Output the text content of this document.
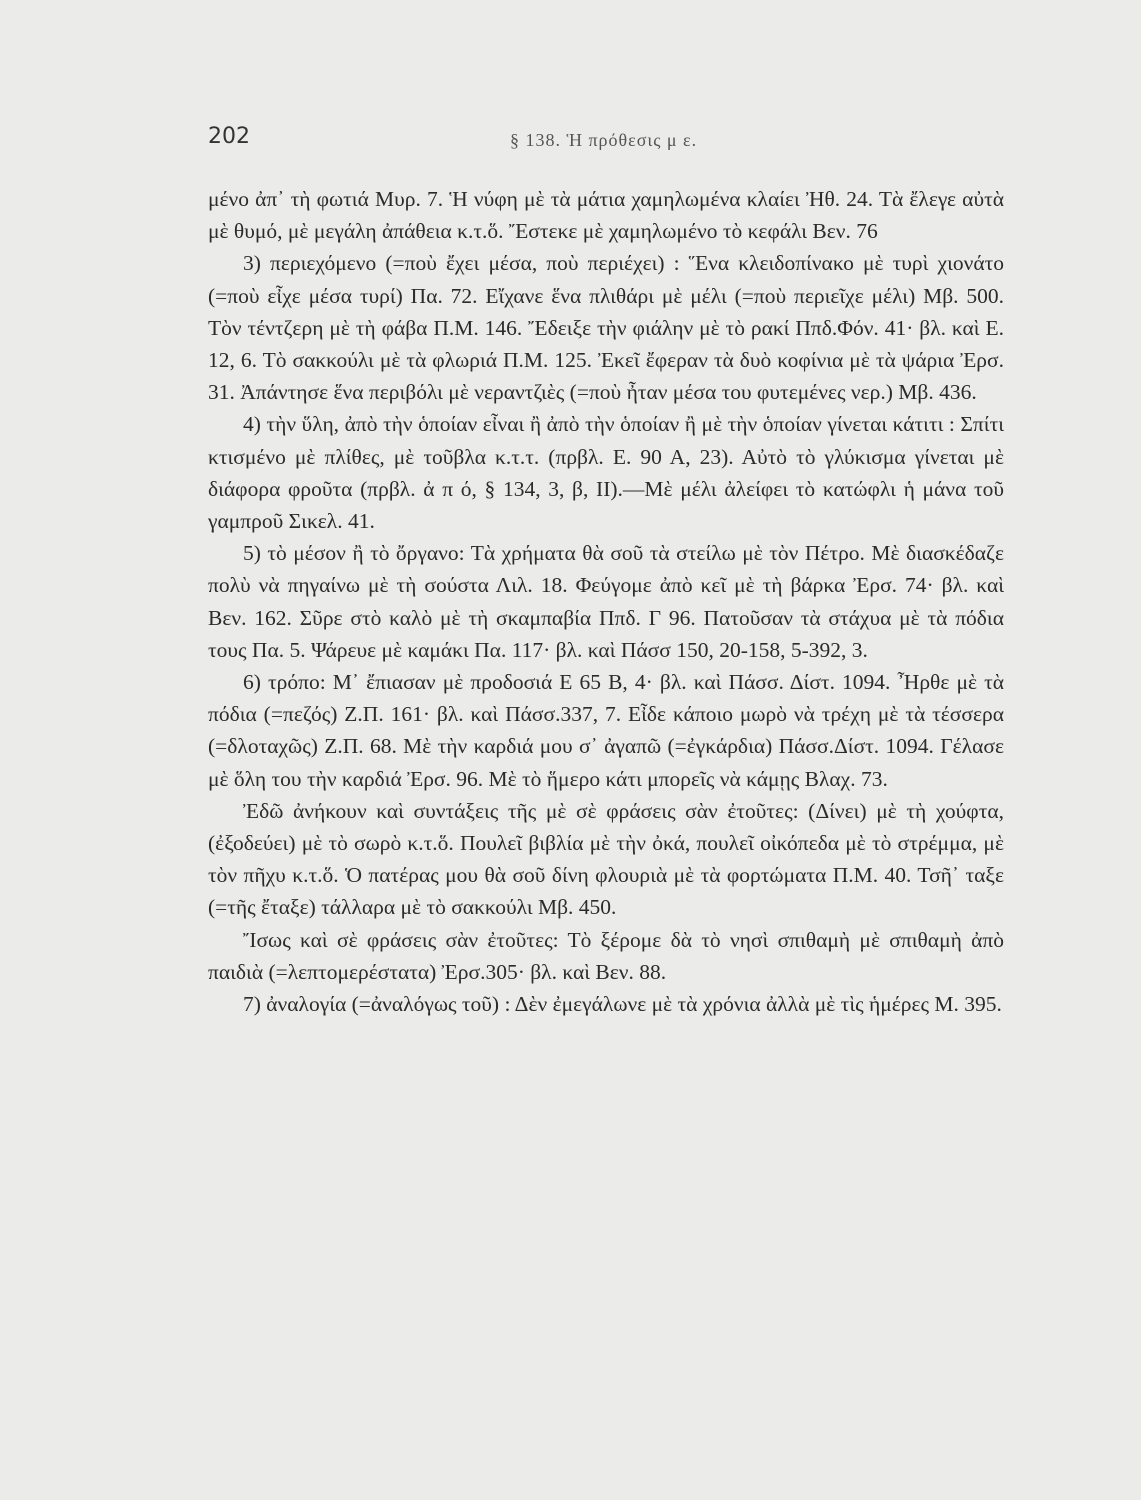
202	§ 138. Ἡ πρόθεσις μ ε.

μένο ἀπ᾽ τὴ φωτιά Μυρ. 7. Ἡ νύφη μὲ τὰ μάτια χαμηλωμένα κλαίει Ἠθ. 24. Τὰ ἔλεγε αὐτὰ μὲ θυμό, μὲ μεγάλη ἀπάθεια κ.τ.ὅ. Ἔστεκε μὲ χαμηλωμένο τὸ κεφάλι Βεν. 76

3) περιεχόμενο (=ποὺ ἔχει μέσα, ποὺ περιέχει) : Ἕνα κλειδοπίνακο μὲ τυρὶ χιονάτο (=ποὺ εἶχε μέσα τυρί) Πα. 72. Εἴχανε ἕνα πλιθάρι μὲ μέλι (=ποὺ περιεῖχε μέλι) Μβ. 500. Τὸν τέντζερη μὲ τὴ φάβα Π.Μ. 146. Ἔδειξε τὴν φιάλην μὲ τὸ ρακί Ππδ.Φόν. 41· βλ. καὶ Ε. 12, 6. Τὸ σακκούλι μὲ τὰ φλωριά Π.Μ. 125. Ἐκεῖ ἔφεραν τὰ δυὸ κοφίνια μὲ τὰ ψάρια Ἐρσ. 31. Ἀπάντησε ἕνα περιβόλι μὲ νεραντζιὲς (=ποὺ ἦταν μέσα του φυτεμένες νερ.) Μβ. 436.

4) τὴν ὕλη, ἀπὸ τὴν ὁποίαν εἶναι ἢ ἀπὸ τὴν ὁποίαν ἢ μὲ τὴν ὁποίαν γίνεται κάτιτι : Σπίτι κτισμένο μὲ πλίθες, μὲ τοῦβλα κ.τ.τ. (πρβλ. Ε. 90 Α, 23). Αὐτὸ τὸ γλύκισμα γίνεται μὲ διάφορα φροῦτα (πρβλ. ἀ π ό, § 134, 3, β, ΙΙ).—Μὲ μέλι ἀλείφει τὸ κατώφλι ἡ μάνα τοῦ γαμπροῦ Σικελ. 41.

5) τὸ μέσον ἢ τὸ ὄργανο: Τὰ χρήματα θὰ σοῦ τὰ στείλω μὲ τὸν Πέτρο. Μὲ διασκέδαζε πολὺ νὰ πηγαίνω μὲ τὴ σούστα Λιλ. 18. Φεύγομε ἀπὸ κεῖ μὲ τὴ βάρκα Ἐρσ. 74· βλ. καὶ Βεν. 162. Σῦρε στὸ καλὸ μὲ τὴ σκαμπαβία Ππδ. Γ 96. Πατοῦσαν τὰ στάχυα μὲ τὰ πόδια τους Πα. 5. Ψάρευε μὲ καμάκι Πα. 117· βλ. καὶ Πάσσ 150, 20-158, 5-392, 3.

6) τρόπο: Μ᾽ ἔπιασαν μὲ προδοσιά Ε 65 Β, 4· βλ. καὶ Πάσσ. Δίστ. 1094. Ἦρθε μὲ τὰ πόδια (=πεζός) Ζ.Π. 161· βλ. καὶ Πάσσ.337, 7. Εἶδε κάποιο μωρὸ νὰ τρέχη μὲ τὰ τέσσερα (=δλοταχῶς) Ζ.Π. 68. Μὲ τὴν καρδιά μου σ᾽ ἀγαπῶ (=ἐγκάρδια) Πάσσ.Δίστ. 1094. Γέλασε μὲ ὅλη του τὴν καρδιά Ἐρσ. 96. Μὲ τὸ ἥμερο κάτι μπορεῖς νὰ κάμῃς Βλαχ. 73.

Ἐδῶ ἀνήκουν καὶ συντάξεις τῆς μὲ σὲ φράσεις σὰν ἐτοῦτες: (Δίνει) μὲ τὴ χούφτα, (ἐξοδεύει) μὲ τὸ σωρὸ κ.τ.ὅ. Πουλεῖ βιβλία μὲ τὴν ὀκά, πουλεῖ οἰκόπεδα μὲ τὸ στρέμμα, μὲ τὸν πῆχυ κ.τ.ὅ. Ὁ πατέρας μου θὰ σοῦ δίνη φλουριὰ μὲ τὰ φορτώματα Π.Μ. 40. Τσῆ᾽ ταξε (=τῆς ἔταξε) τάλλαρα μὲ τὸ σακκούλι Μβ. 450.

Ἴσως καὶ σὲ φράσεις σὰν ἐτοῦτες: Τὸ ξέρομε δὰ τὸ νησὶ σπιθαμὴ μὲ σπιθαμὴ ἀπὸ παιδιὰ (=λεπτομερέστατα) Ἐρσ.305· βλ. καὶ Βεν. 88.

7) ἀναλογία (=ἀναλόγως τοῦ) : Δὲν ἐμεγάλωνε μὲ τὰ χρόνια ἀλλὰ μὲ τὶς ἡμέρες Μ. 395.
